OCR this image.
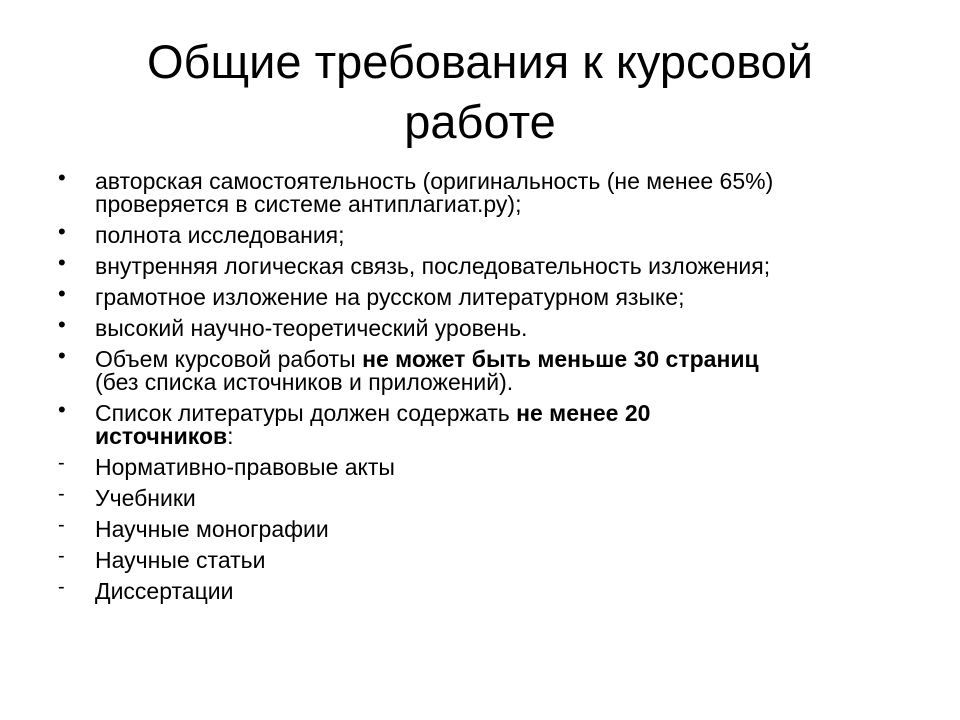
Общие требования к курсовой
работе
•	авторская самостоятельность (оригинальность (не менее 65%)
проверяется в системе антиплагиат.ру);
•	полнота исследования;
•	внутренняя логическая связь, последовательность изложения;
•	грамотное изложение на русском литературном языке;
•	высокий научно-теоретический уровень.
•	Объем курсовой работы не может быть меньше 30 страниц
(без списка источников и приложений).
•	Список литературы должен содержать не менее 20
источников:
-	Нормативно-правовые акты
-	Учебники
-	Научные монографии
-	Научные статьи
-	Диссертации
